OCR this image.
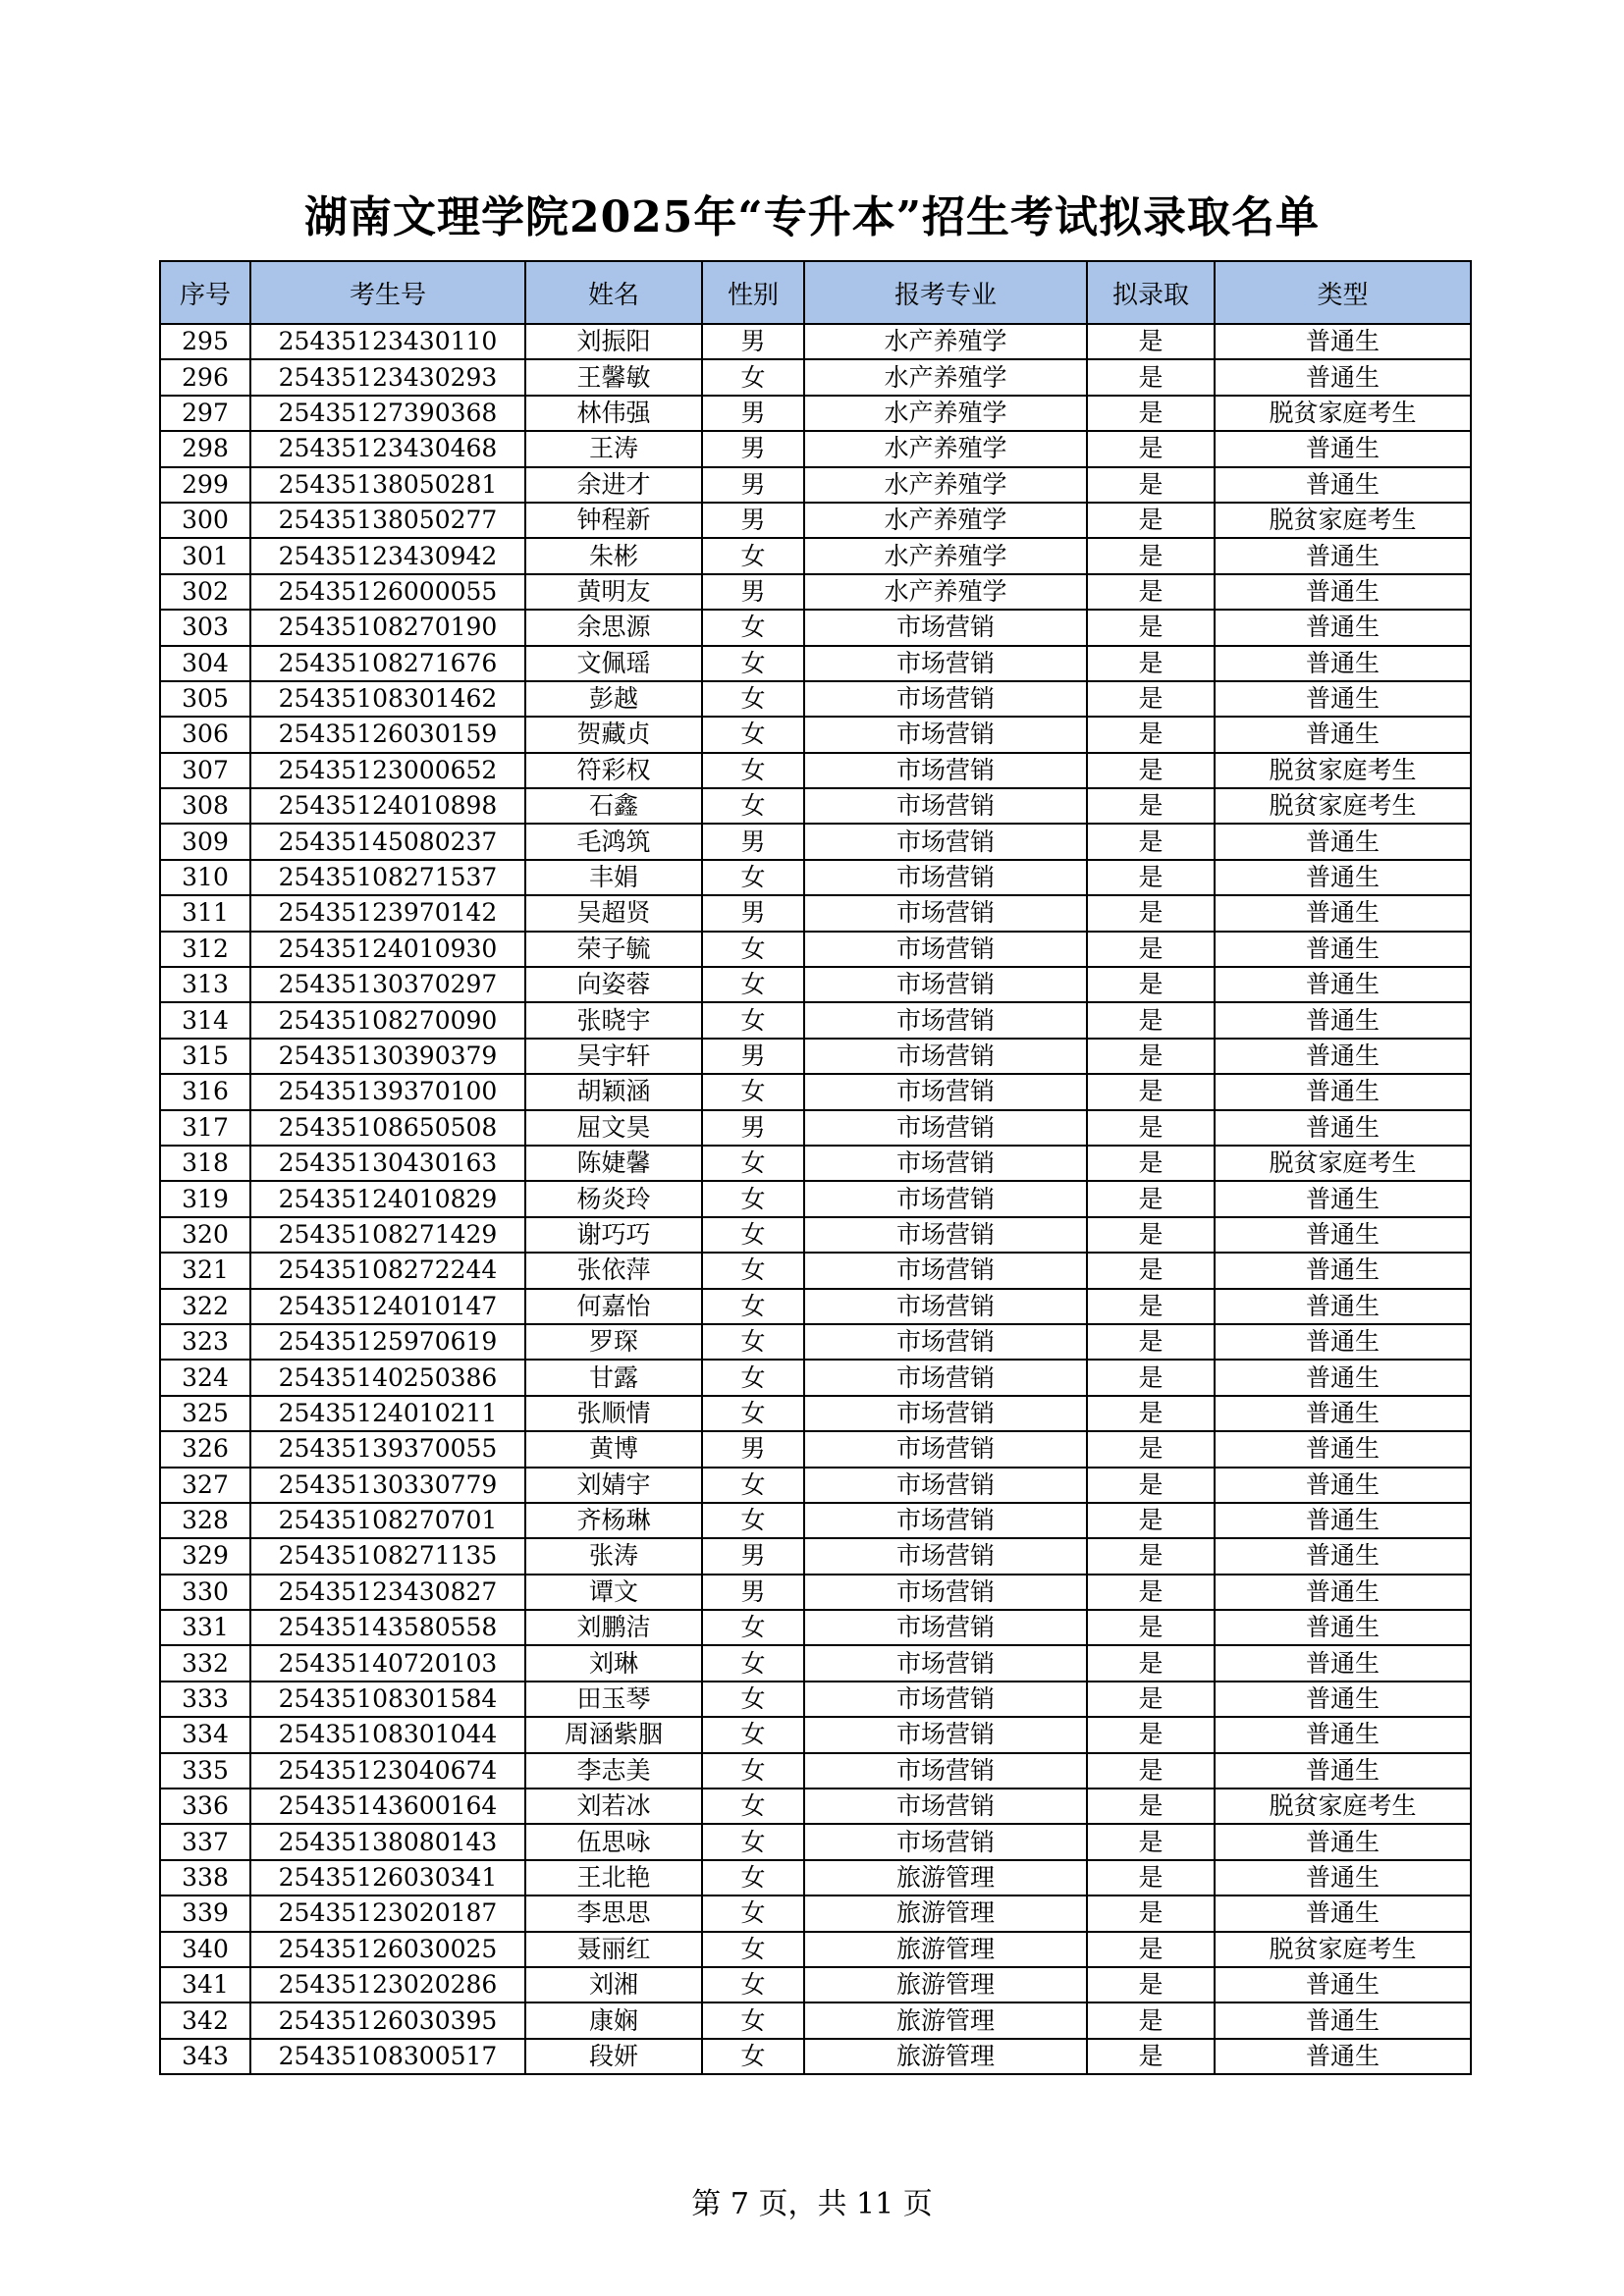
湖南文理学院2025年“专升本”招生考试拟录取名单
序号	考生号	姓名	性别	报考专业	拟录取	类型
295	25435123430110	刘振阳	男	水产养殖学	是	普通生
296	25435123430293	王馨敏	女	水产养殖学	是	普通生
297	25435127390368	林伟强	男	水产养殖学	是	脱贫家庭考生
298	25435123430468	王涛	男	水产养殖学	是	普通生
299	25435138050281	余进才	男	水产养殖学	是	普通生
300	25435138050277	钟程新	男	水产养殖学	是	脱贫家庭考生
301	25435123430942	朱彬	女	水产养殖学	是	普通生
302	25435126000055	黄明友	男	水产养殖学	是	普通生
303	25435108270190	余思源	女	市场营销	是	普通生
304	25435108271676	文佩瑶	女	市场营销	是	普通生
305	25435108301462	彭越	女	市场营销	是	普通生
306	25435126030159	贺藏贞	女	市场营销	是	普通生
307	25435123000652	符彩权	女	市场营销	是	脱贫家庭考生
308	25435124010898	石鑫	女	市场营销	是	脱贫家庭考生
309	25435145080237	毛鸿筑	男	市场营销	是	普通生
310	25435108271537	丰娟	女	市场营销	是	普通生
311	25435123970142	吴超贤	男	市场营销	是	普通生
312	25435124010930	荣子毓	女	市场营销	是	普通生
313	25435130370297	向姿蓉	女	市场营销	是	普通生
314	25435108270090	张晓宇	女	市场营销	是	普通生
315	25435130390379	吴宇轩	男	市场营销	是	普通生
316	25435139370100	胡颖涵	女	市场营销	是	普通生
317	25435108650508	屈文昊	男	市场营销	是	普通生
318	25435130430163	陈婕馨	女	市场营销	是	脱贫家庭考生
319	25435124010829	杨炎玲	女	市场营销	是	普通生
320	25435108271429	谢巧巧	女	市场营销	是	普通生
321	25435108272244	张依萍	女	市场营销	是	普通生
322	25435124010147	何嘉怡	女	市场营销	是	普通生
323	25435125970619	罗琛	女	市场营销	是	普通生
324	25435140250386	甘露	女	市场营销	是	普通生
325	25435124010211	张顺情	女	市场营销	是	普通生
326	25435139370055	黄博	男	市场营销	是	普通生
327	25435130330779	刘婧宇	女	市场营销	是	普通生
328	25435108270701	齐杨琳	女	市场营销	是	普通生
329	25435108271135	张涛	男	市场营销	是	普通生
330	25435123430827	谭文	男	市场营销	是	普通生
331	25435143580558	刘鹏洁	女	市场营销	是	普通生
332	25435140720103	刘琳	女	市场营销	是	普通生
333	25435108301584	田玉琴	女	市场营销	是	普通生
334	25435108301044	周涵紫胭	女	市场营销	是	普通生
335	25435123040674	李志美	女	市场营销	是	普通生
336	25435143600164	刘若冰	女	市场营销	是	脱贫家庭考生
337	25435138080143	伍思咏	女	市场营销	是	普通生
338	25435126030341	王北艳	女	旅游管理	是	普通生
339	25435123020187	李思思	女	旅游管理	是	普通生
340	25435126030025	聂丽红	女	旅游管理	是	脱贫家庭考生
341	25435123020286	刘湘	女	旅游管理	是	普通生
342	25435126030395	康娴	女	旅游管理	是	普通生
343	25435108300517	段妍	女	旅游管理	是	普通生
第 7 页，共 11 页
